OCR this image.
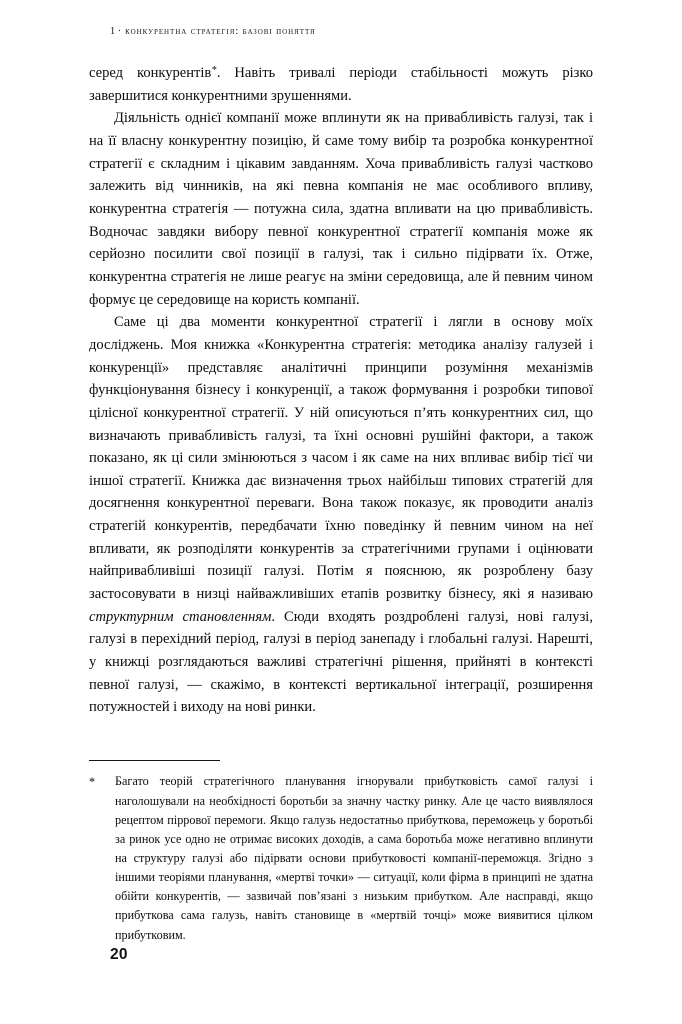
1 · конкурентна стратегія: базові поняття

серед конкурентів*. Навіть тривалі періоди стабільності можуть різко завершитися конкурентними зрушеннями.

Діяльність однієї компанії може вплинути як на привабливість галузі, так і на її власну конкурентну позицію, й саме тому вибір та розробка конкурентної стратегії є складним і цікавим завданням. Хоча привабливість галузі частково залежить від чинників, на які певна компанія не має особливого впливу, конкурентна стратегія — потужна сила, здатна впливати на цю привабливість. Водночас завдяки вибору певної конкурентної стратегії компанія може як серйозно посилити свої позиції в галузі, так і сильно підірвати їх. Отже, конкурентна стратегія не лише реагує на зміни середовища, але й певним чином формує це середовище на користь компанії.

Саме ці два моменти конкурентної стратегії і лягли в основу моїх досліджень. Моя книжка «Конкурентна стратегія: методика аналізу галузей і конкуренції» представляє аналітичні принципи розуміння механізмів функціонування бізнесу і конкуренції, а також формування і розробки типової цілісної конкурентної стратегії. У ній описуються п’ять конкурентних сил, що визначають привабливість галузі, та їхні основні рушійні фактори, а також показано, як ці сили змінюються з часом і як саме на них впливає вибір тієї чи іншої стратегії. Книжка дає визначення трьох найбільш типових стратегій для досягнення конкурентної переваги. Вона також показує, як проводити аналіз стратегій конкурентів, передбачати їхню поведінку й певним чином на неї впливати, як розподіляти конкурентів за стратегічними групами і оцінювати найпривабливіші позиції галузі. Потім я пояснюю, як розроблену базу застосовувати в низці найважливіших етапів розвитку бізнесу, які я називаю структурним становленням. Сюди входять роздроблені галузі, нові галузі, галузі в перехідний період, галузі в період занепаду і глобальні галузі. Нарешті, у книжці розглядаються важливі стратегічні рішення, прийняті в контексті певної галузі, — скажімо, в контексті вертикальної інтеграції, розширення потужностей і виходу на нові ринки.

*	Багато теорій стратегічного планування ігнорували прибутковість самої галузі і наголошували на необхідності боротьби за значну частку ринку. Але це часто виявлялося рецептом піррової перемоги. Якщо галузь недостатньо прибуткова, переможець у боротьбі за ринок усе одно не отримає високих доходів, а сама боротьба може негативно вплинути на структуру галузі або підірвати основи прибутковості компанії-переможця. Згідно з іншими теоріями планування, «мертві точки» — ситуації, коли фірма в принципі не здатна обійти конкурентів, — зазвичай пов’язані з низьким прибутком. Але насправді, якщо прибуткова сама галузь, навіть становище в «мертвій точці» може виявитися цілком прибутковим.

20
